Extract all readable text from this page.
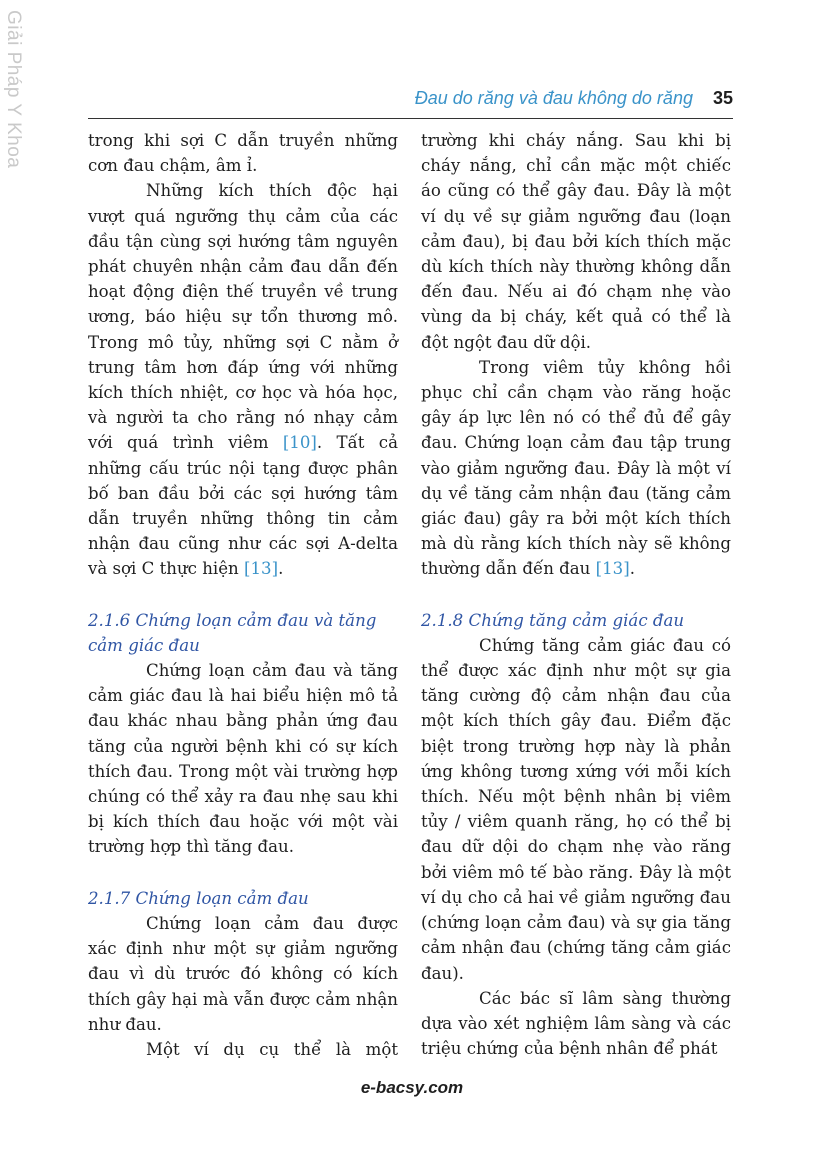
Giải Pháp Y Khoa	Đau do răng và đau không do răng 35

trong khi sợi C dẫn truyền những cơn đau chậm, âm ỉ.

Những kích thích độc hại vượt quá ngưỡng thụ cảm của các đầu tận cùng sợi hướng tâm nguyên phát chuyên nhận cảm đau dẫn đến hoạt động điện thế truyền về trung ương, báo hiệu sự tổn thương mô. Trong mô tủy, những sợi C nằm ở trung tâm hơn đáp ứng với những kích thích nhiệt, cơ học và hóa học, và người ta cho rằng nó nhạy cảm với quá trình viêm [10]. Tất cả những cấu trúc nội tạng được phân bố ban đầu bởi các sợi hướng tâm dẫn truyền những thông tin cảm nhận đau cũng như các sợi A-delta và sợi C thực hiện [13].

2.1.6 Chứng loạn cảm đau và tăng cảm giác đau

Chứng loạn cảm đau và tăng cảm giác đau là hai biểu hiện mô tả đau khác nhau bằng phản ứng đau tăng của người bệnh khi có sự kích thích đau. Trong một vài trường hợp chúng có thể xảy ra đau nhẹ sau khi bị kích thích đau hoặc với một vài trường hợp thì tăng đau.

2.1.7 Chứng loạn cảm đau

Chứng loạn cảm đau được xác định như một sự giảm ngưỡng đau vì dù trước đó không có kích thích gây hại mà vẫn được cảm nhận như đau.

Một ví dụ cụ thể là một

trường khi cháy nắng. Sau khi bị cháy nắng, chỉ cần mặc một chiếc áo cũng có thể gây đau. Đây là một ví dụ về sự giảm ngưỡng đau (loạn cảm đau), bị đau bởi kích thích mặc dù kích thích này thường không dẫn đến đau. Nếu ai đó chạm nhẹ vào vùng da bị cháy, kết quả có thể là đột ngột đau dữ dội.

Trong viêm tủy không hồi phục chỉ cần chạm vào răng hoặc gây áp lực lên nó có thể đủ để gây đau. Chứng loạn cảm đau tập trung vào giảm ngưỡng đau. Đây là một ví dụ về tăng cảm nhận đau (tăng cảm giác đau) gây ra bởi một kích thích mà dù rằng kích thích này sẽ không thường dẫn đến đau [13].

2.1.8 Chứng tăng cảm giác đau

Chứng tăng cảm giác đau có thể được xác định như một sự gia tăng cường độ cảm nhận đau của một kích thích gây đau. Điểm đặc biệt trong trường hợp này là phản ứng không tương xứng với mỗi kích thích. Nếu một bệnh nhân bị viêm tủy / viêm quanh răng, họ có thể bị đau dữ dội do chạm nhẹ vào răng bởi viêm mô tế bào răng. Đây là một ví dụ cho cả hai về giảm ngưỡng đau (chứng loạn cảm đau) và sự gia tăng cảm nhận đau (chứng tăng cảm giác đau).

Các bác sĩ lâm sàng thường dựa vào xét nghiệm lâm sàng và các triệu chứng của bệnh nhân để phát

e-bacsy.com
